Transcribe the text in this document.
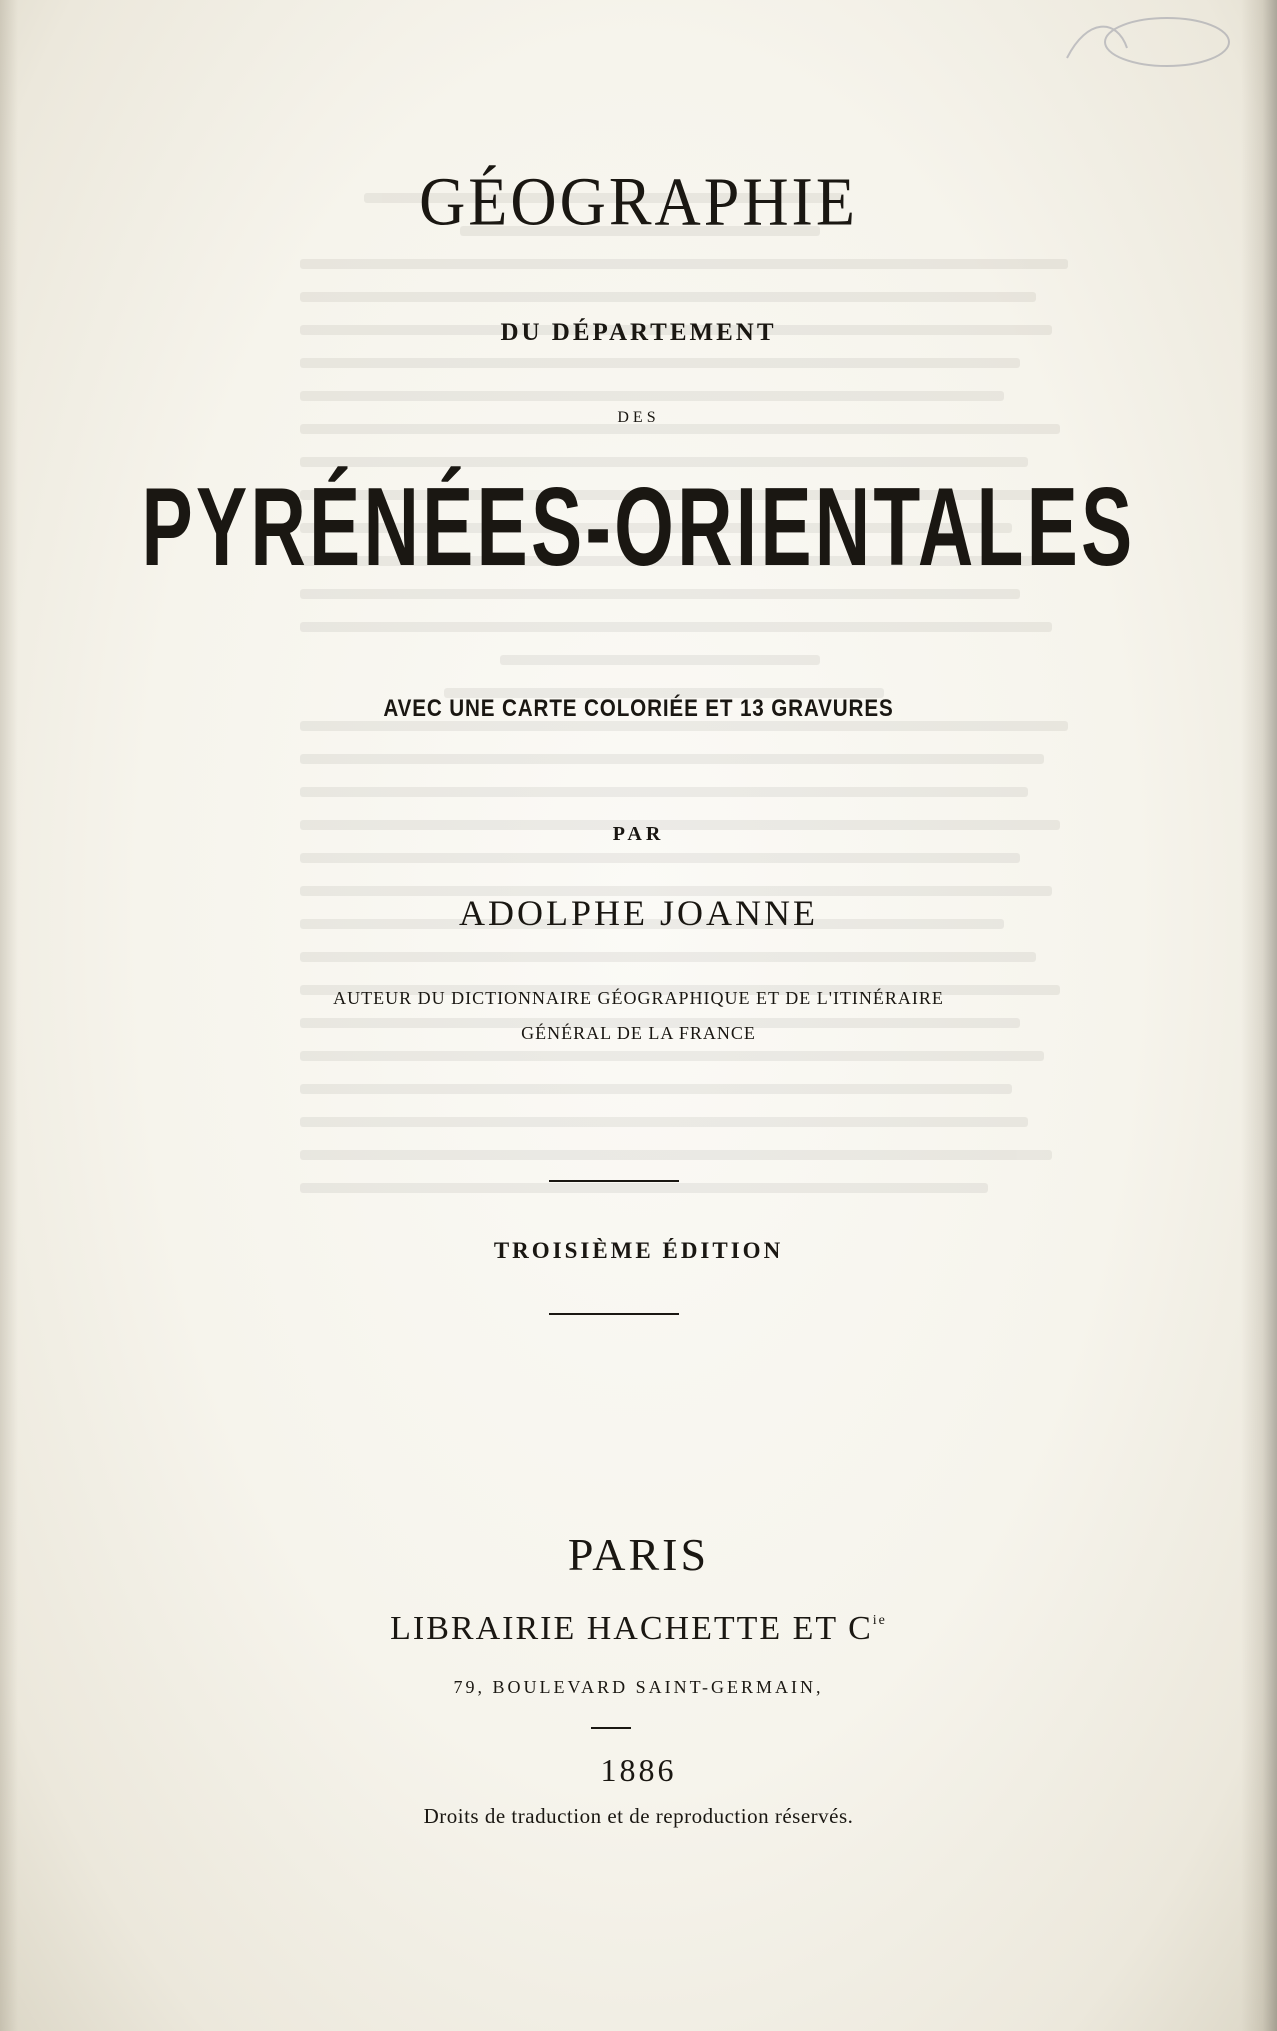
GÉOGRAPHIE
DU DÉPARTEMENT
DES
PYRÉNÉES-ORIENTALES
AVEC UNE CARTE COLORIÉE ET 13 GRAVURES
PAR
ADOLPHE JOANNE
AUTEUR DU DICTIONNAIRE GÉOGRAPHIQUE ET DE L'ITINÉRAIRE
GÉNÉRAL DE LA FRANCE
TROISIÈME ÉDITION
PARIS
LIBRAIRIE HACHETTE ET $C^{ie}$
79, BOULEVARD SAINT-GERMAIN,
1886
Droits de traduction et de reproduction réservés.
